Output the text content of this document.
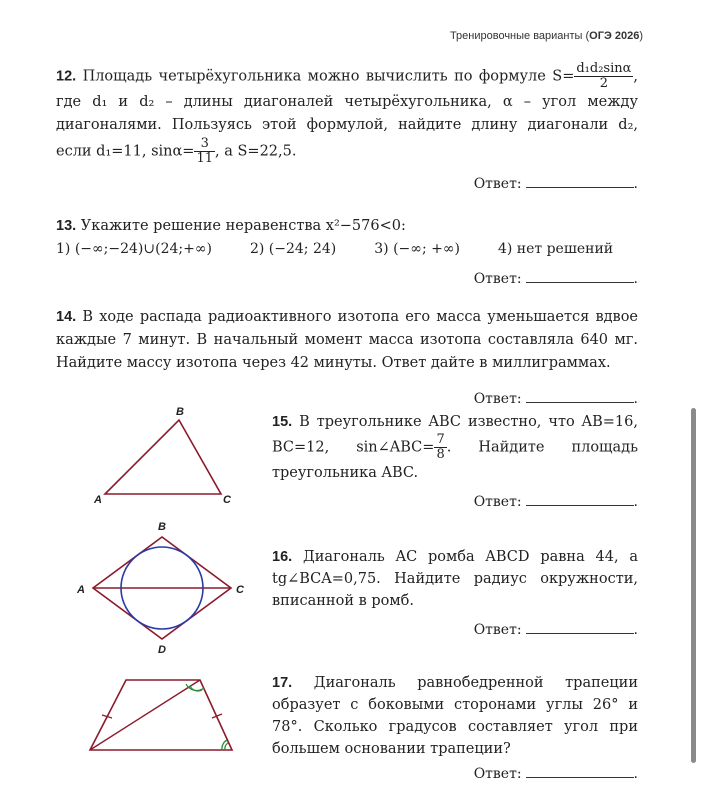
Тренировочные варианты (ОГЭ 2026)
12. Площадь четырёхугольника можно вычислить по формуле $S= \frac{\text{d₁d₂sinα}}{2}$ , где d₁ и d₂ – длины диагоналей четырёхугольника, α – угол между диагоналями. Пользуясь этой формулой, найдите длину диагонали d₂, если d₁=11, $\sin\alpha= \frac{3}{11}$ , а S=22,5.
Ответ:	.
13. Укажите решение неравенства x²−576<0:
1) (−∞;−24)∪(24;+∞)	2) (−24; 24)	3) (−∞; +∞)	4) нет решений
Ответ:	.
14. В ходе распада радиоактивного изотопа его масса уменьшается вдвое каждые 7 минут. В начальный момент масса изотопа составляла 640 мг. Найдите массу изотопа через 42 минуты. Ответ дайте в миллиграммах.
Ответ:	.
B
A	C
15. В треугольнике ABC известно, что AB=16, BC=12, sin∠ABC= $\frac{7}{8}$ . Найдите площадь треугольника ABC.
Ответ:	.
B
A	C
D
16. Диагональ AC ромба ABCD равна 44, а tg∠BCA=0,75. Найдите радиус окружности, вписанной в ромб.
Ответ:	.
17. Диагональ равнобедренной трапеции образует с боковыми сторонами углы 26° и 78°. Сколько градусов составляет угол при большем основании трапеции?
Ответ:	.
